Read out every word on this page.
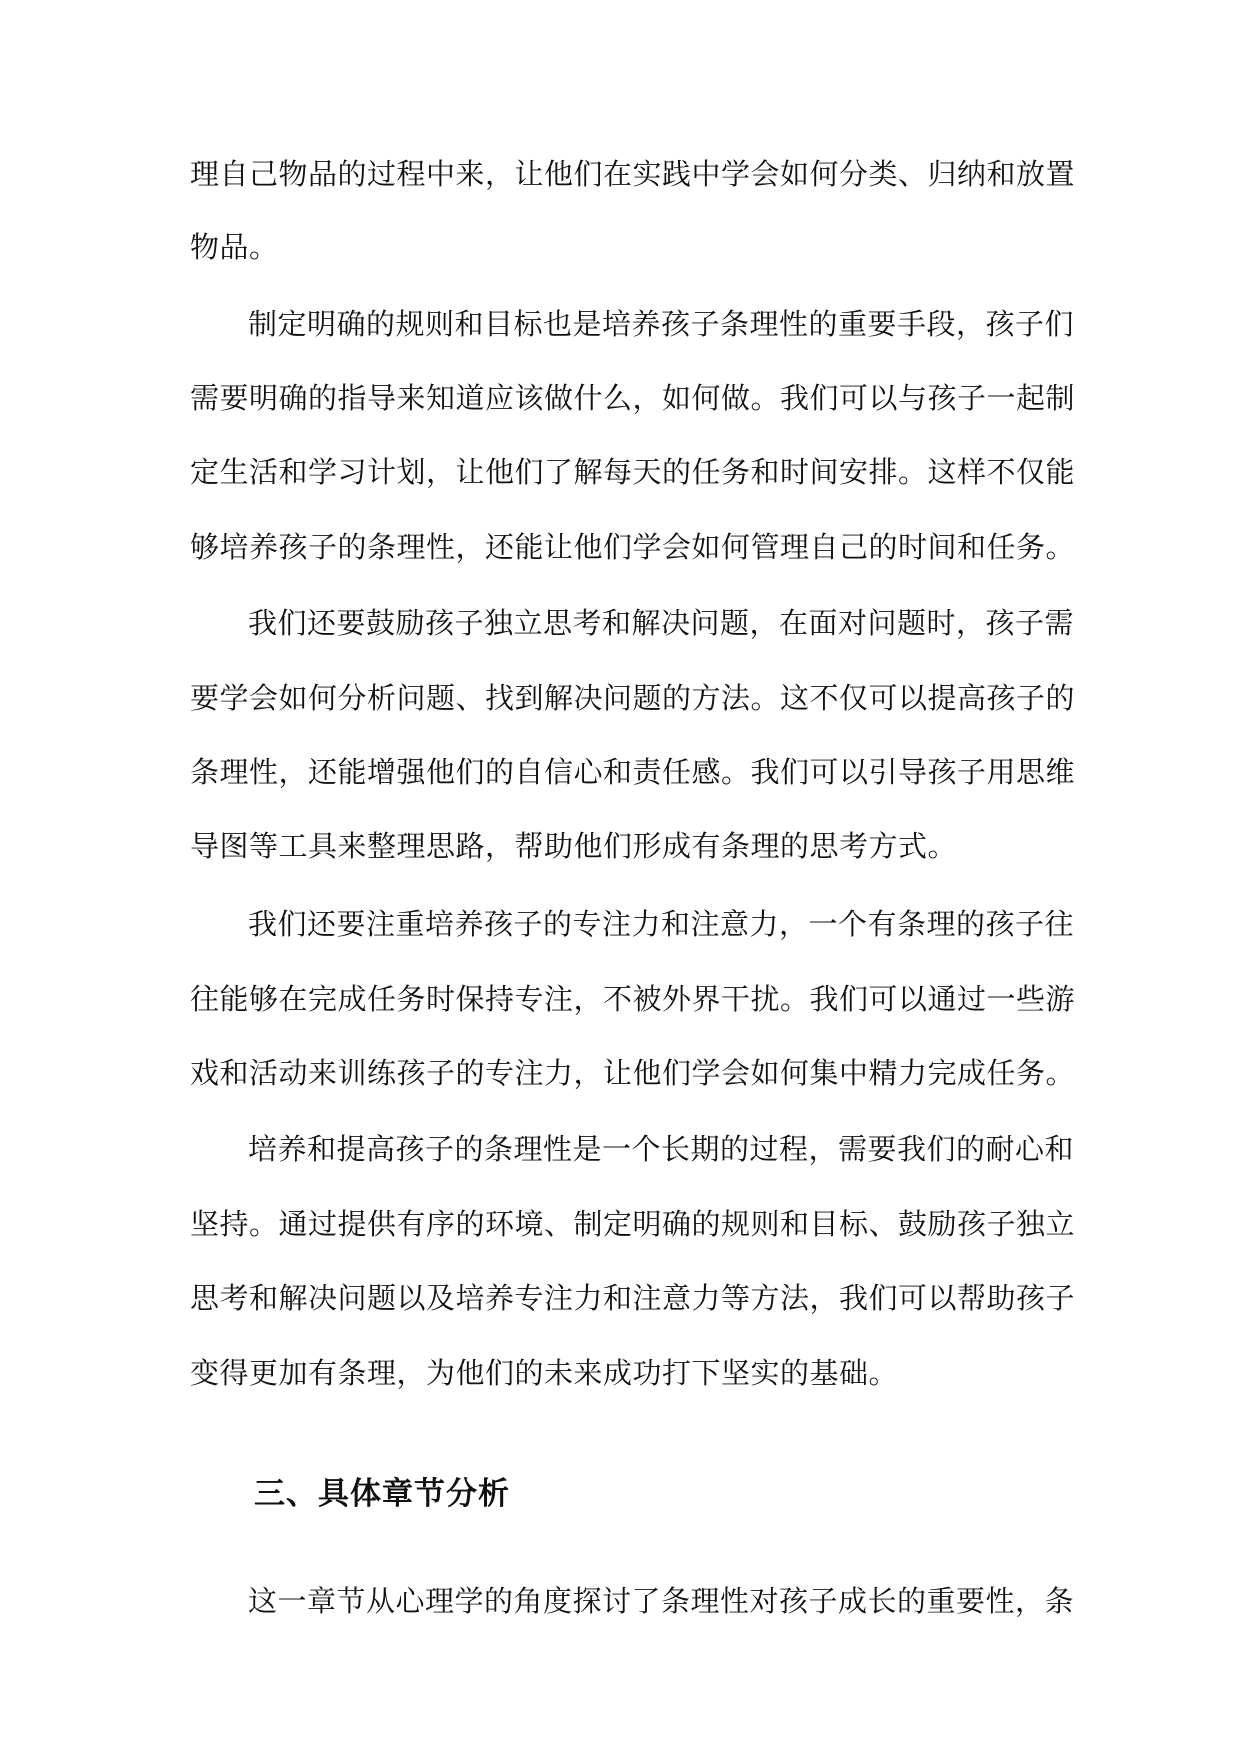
理自己物品的过程中来，让他们在实践中学会如何分类、归纳和放置
物品。
制定明确的规则和目标也是培养孩子条理性的重要手段，孩子们
需要明确的指导来知道应该做什么，如何做。我们可以与孩子一起制
定生活和学习计划，让他们了解每天的任务和时间安排。这样不仅能
够培养孩子的条理性，还能让他们学会如何管理自己的时间和任务。
我们还要鼓励孩子独立思考和解决问题，在面对问题时，孩子需
要学会如何分析问题、找到解决问题的方法。这不仅可以提高孩子的
条理性，还能增强他们的自信心和责任感。我们可以引导孩子用思维
导图等工具来整理思路，帮助他们形成有条理的思考方式。
我们还要注重培养孩子的专注力和注意力，一个有条理的孩子往
往能够在完成任务时保持专注，不被外界干扰。我们可以通过一些游
戏和活动来训练孩子的专注力，让他们学会如何集中精力完成任务。
培养和提高孩子的条理性是一个长期的过程，需要我们的耐心和
坚持。通过提供有序的环境、制定明确的规则和目标、鼓励孩子独立
思考和解决问题以及培养专注力和注意力等方法，我们可以帮助孩子
变得更加有条理，为他们的未来成功打下坚实的基础。
三、具体章节分析
这一章节从心理学的角度探讨了条理性对孩子成长的重要性，条
